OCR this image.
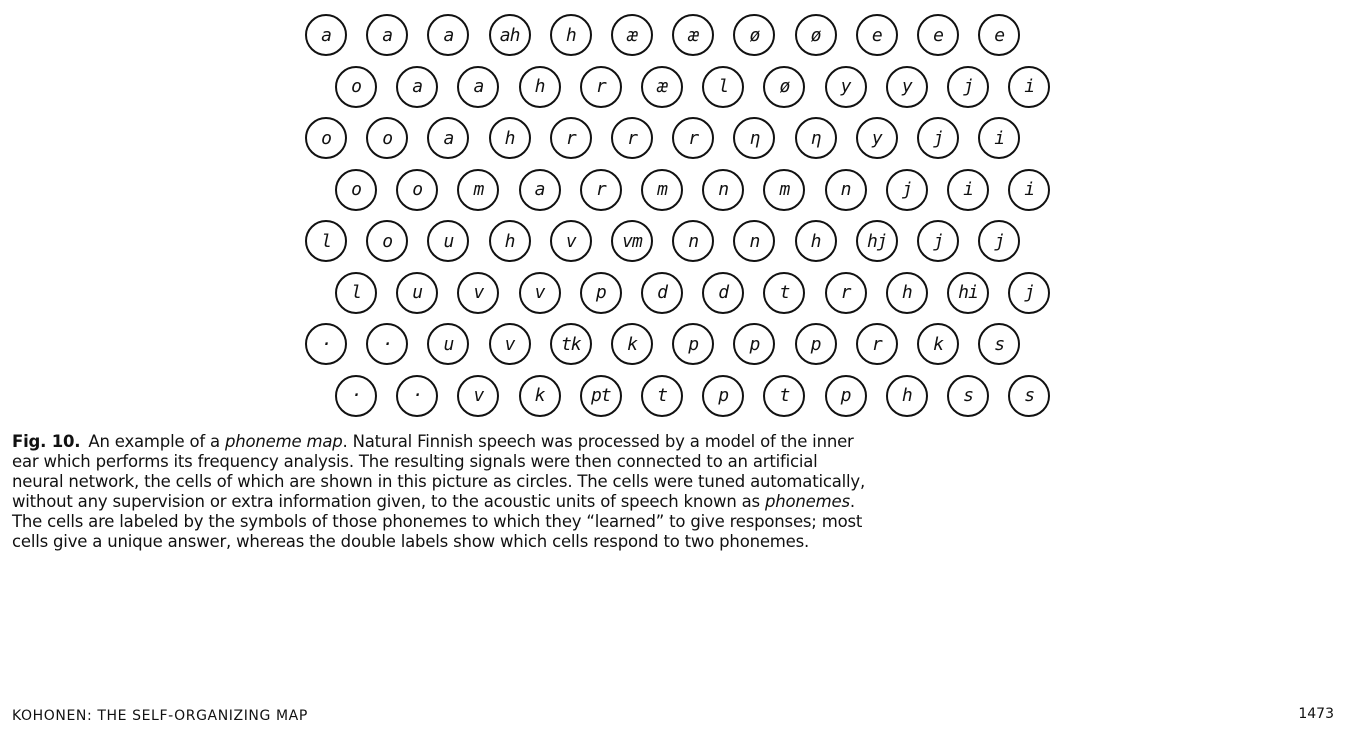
a	a	a	ah	h	æ	æ	ø	ø	e	e	e
o	a	a	h	r	æ	l	ø	y	y	j	i
o	o	a	h	r	r	r	η	η	y	j	i
o	o	m	a	r	m	n	m	n	j	i	i
l	o	u	h	v	vm	n	n	h	hj	j	j
l	u	v	v	p	d	d	t	r	h	hi	j
·	·	u	v	tk	k	p	p	p	r	k	s
·	·	v	k	pt	t	p	t	p	h	s	s
Fig. 10. An example of a phoneme map. Natural Finnish speech was processed by a model of the inner ear which performs its frequency analysis. The resulting signals were then connected to an artificial neural network, the cells of which are shown in this picture as circles. The cells were tuned automatically, without any supervision or extra information given, to the acoustic units of speech known as phonemes. The cells are labeled by the symbols of those phonemes to which they “learned” to give responses; most cells give a unique answer, whereas the double labels show which cells respond to two phonemes.
KOHONEN: THE SELF-ORGANIZING MAP	1473
